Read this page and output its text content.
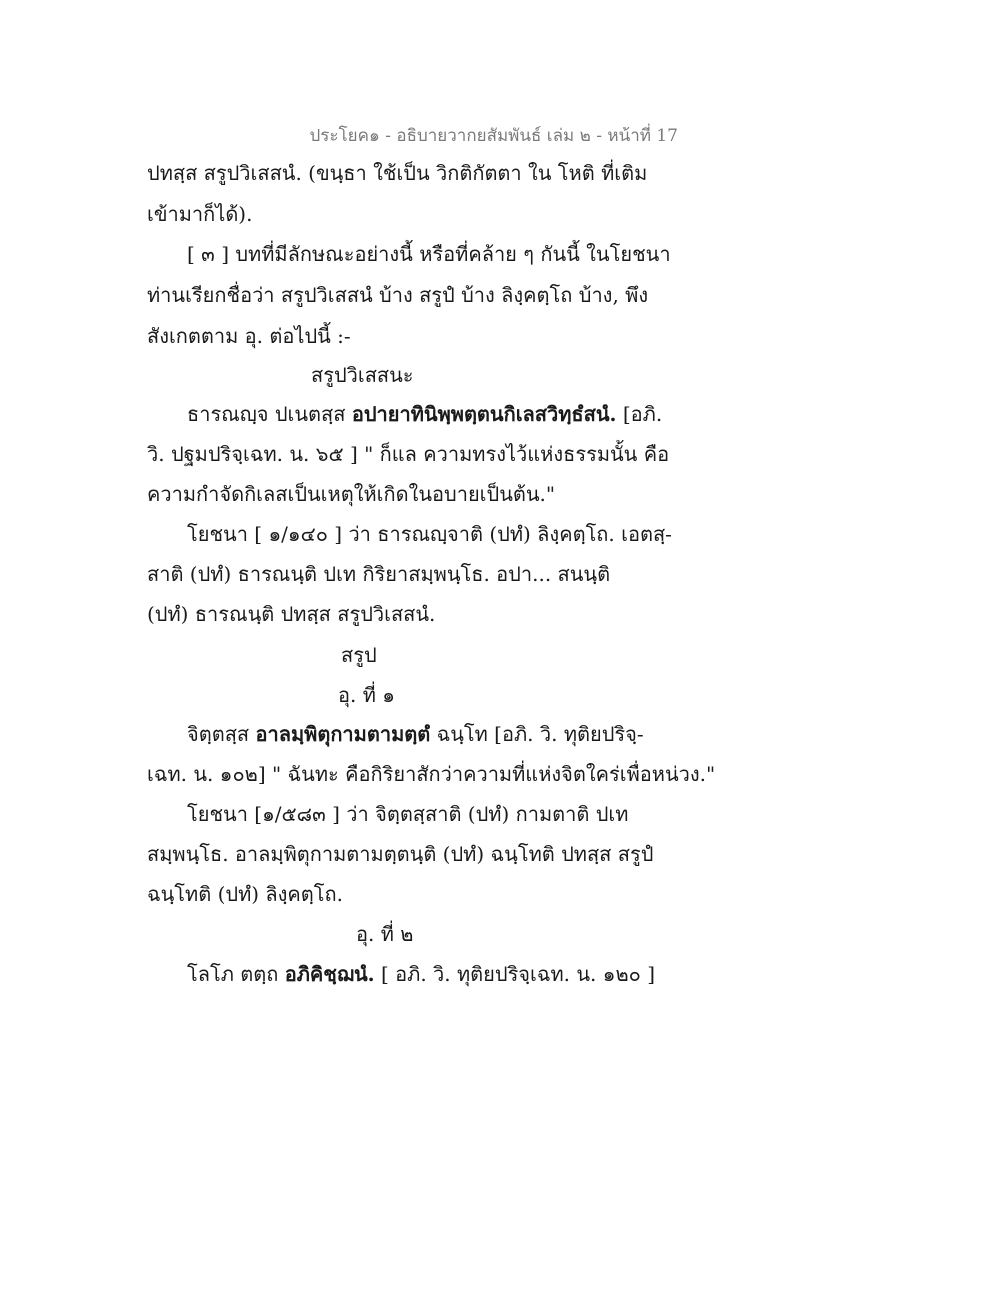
ประโยค๑ - อธิบายวากยสัมพันธ์ เล่ม ๒ - หน้าที่ 17
ปทสฺส สรูปวิเสสนํ. (ขนฺธา ใช้เป็น วิกติกัตตา ใน โหติ ที่เติม
เข้ามาก็ได้).
[ ๓ ] บทที่มีลักษณะอย่างนี้ หรือที่คล้าย ๆ กันนี้ ในโยชนา
ท่านเรียกชื่อว่า สรูปวิเสสนํ บ้าง สรูปํ บ้าง ลิงฺคตฺโถ บ้าง, พึง
สังเกตตาม อุ. ต่อไปนี้ :-
สรูปวิเสสนะ
ธารณญฺจ ปเนตสฺส อปายาทินิพฺพตฺตนกิเลสวิทฺธํสนํ. [อภิ.
วิ. ปฐมปริจฺเฉท. น. ๖๕ ] " ก็แล ความทรงไว้แห่งธรรมนั้น คือ
ความกำจัดกิเลสเป็นเหตุให้เกิดในอบายเป็นต้น."
โยชนา [ ๑/๑๔๐ ] ว่า ธารณญฺจาติ (ปทํ) ลิงฺคตฺโถ. เอตสฺ-
สาติ (ปทํ) ธารณนฺติ ปเท กิริยาสมฺพนฺโธ. อปา... สนนฺติ
(ปทํ) ธารณนฺติ ปทสฺส สรูปวิเสสนํ.
สรูป
อุ. ที่ ๑
จิตฺตสฺส อาลมฺพิตุกามตามตฺตํ ฉนฺโท [อภิ. วิ. ทุติยปริจฺ-
เฉท. น. ๑๐๒] " ฉันทะ คือกิริยาสักว่าความที่แห่งจิตใคร่เพื่อหน่วง."
โยชนา [๑/๕๘๓ ] ว่า จิตฺตสฺสาติ (ปทํ) กามตาติ ปเท
สมฺพนฺโธ. อาลมฺพิตุกามตามตฺตนฺติ (ปทํ) ฉนฺโทติ ปทสฺส สรูปํ
ฉนฺโทติ (ปทํ) ลิงฺคตฺโถ.
อุ. ที่ ๒
โลโภ ตตฺถ อภิคิชฺฌนํ. [ อภิ. วิ. ทุติยปริจฺเฉท. น. ๑๒๐ ]
